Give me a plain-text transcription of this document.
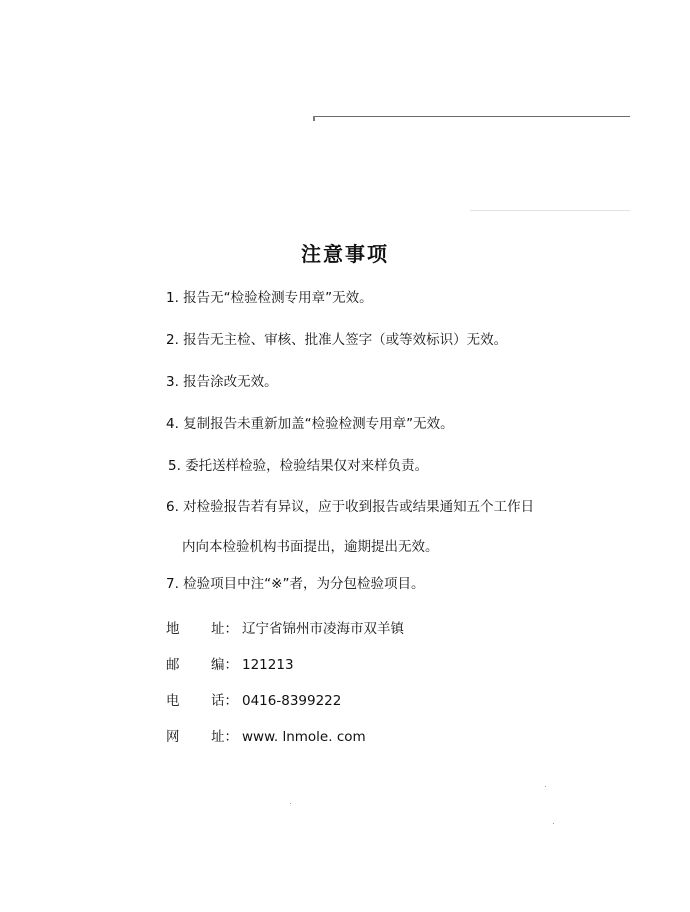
注意事项
1. 报告无“检验检测专用章”无效。
2. 报告无主检、审核、批准人签字（或等效标识）无效。
3. 报告涂改无效。
4. 复制报告未重新加盖“检验检测专用章”无效。
5. 委托送样检验，检验结果仅对来样负责。
6. 对检验报告若有异议，应于收到报告或结果通知五个工作日
内向本检验机构书面提出，逾期提出无效。
7. 检验项目中注“※”者，为分包检验项目。
地 址： 辽宁省锦州市凌海市双羊镇
邮 编： 121213
电 话： 0416-8399222
网 址： www. lnmole. com
